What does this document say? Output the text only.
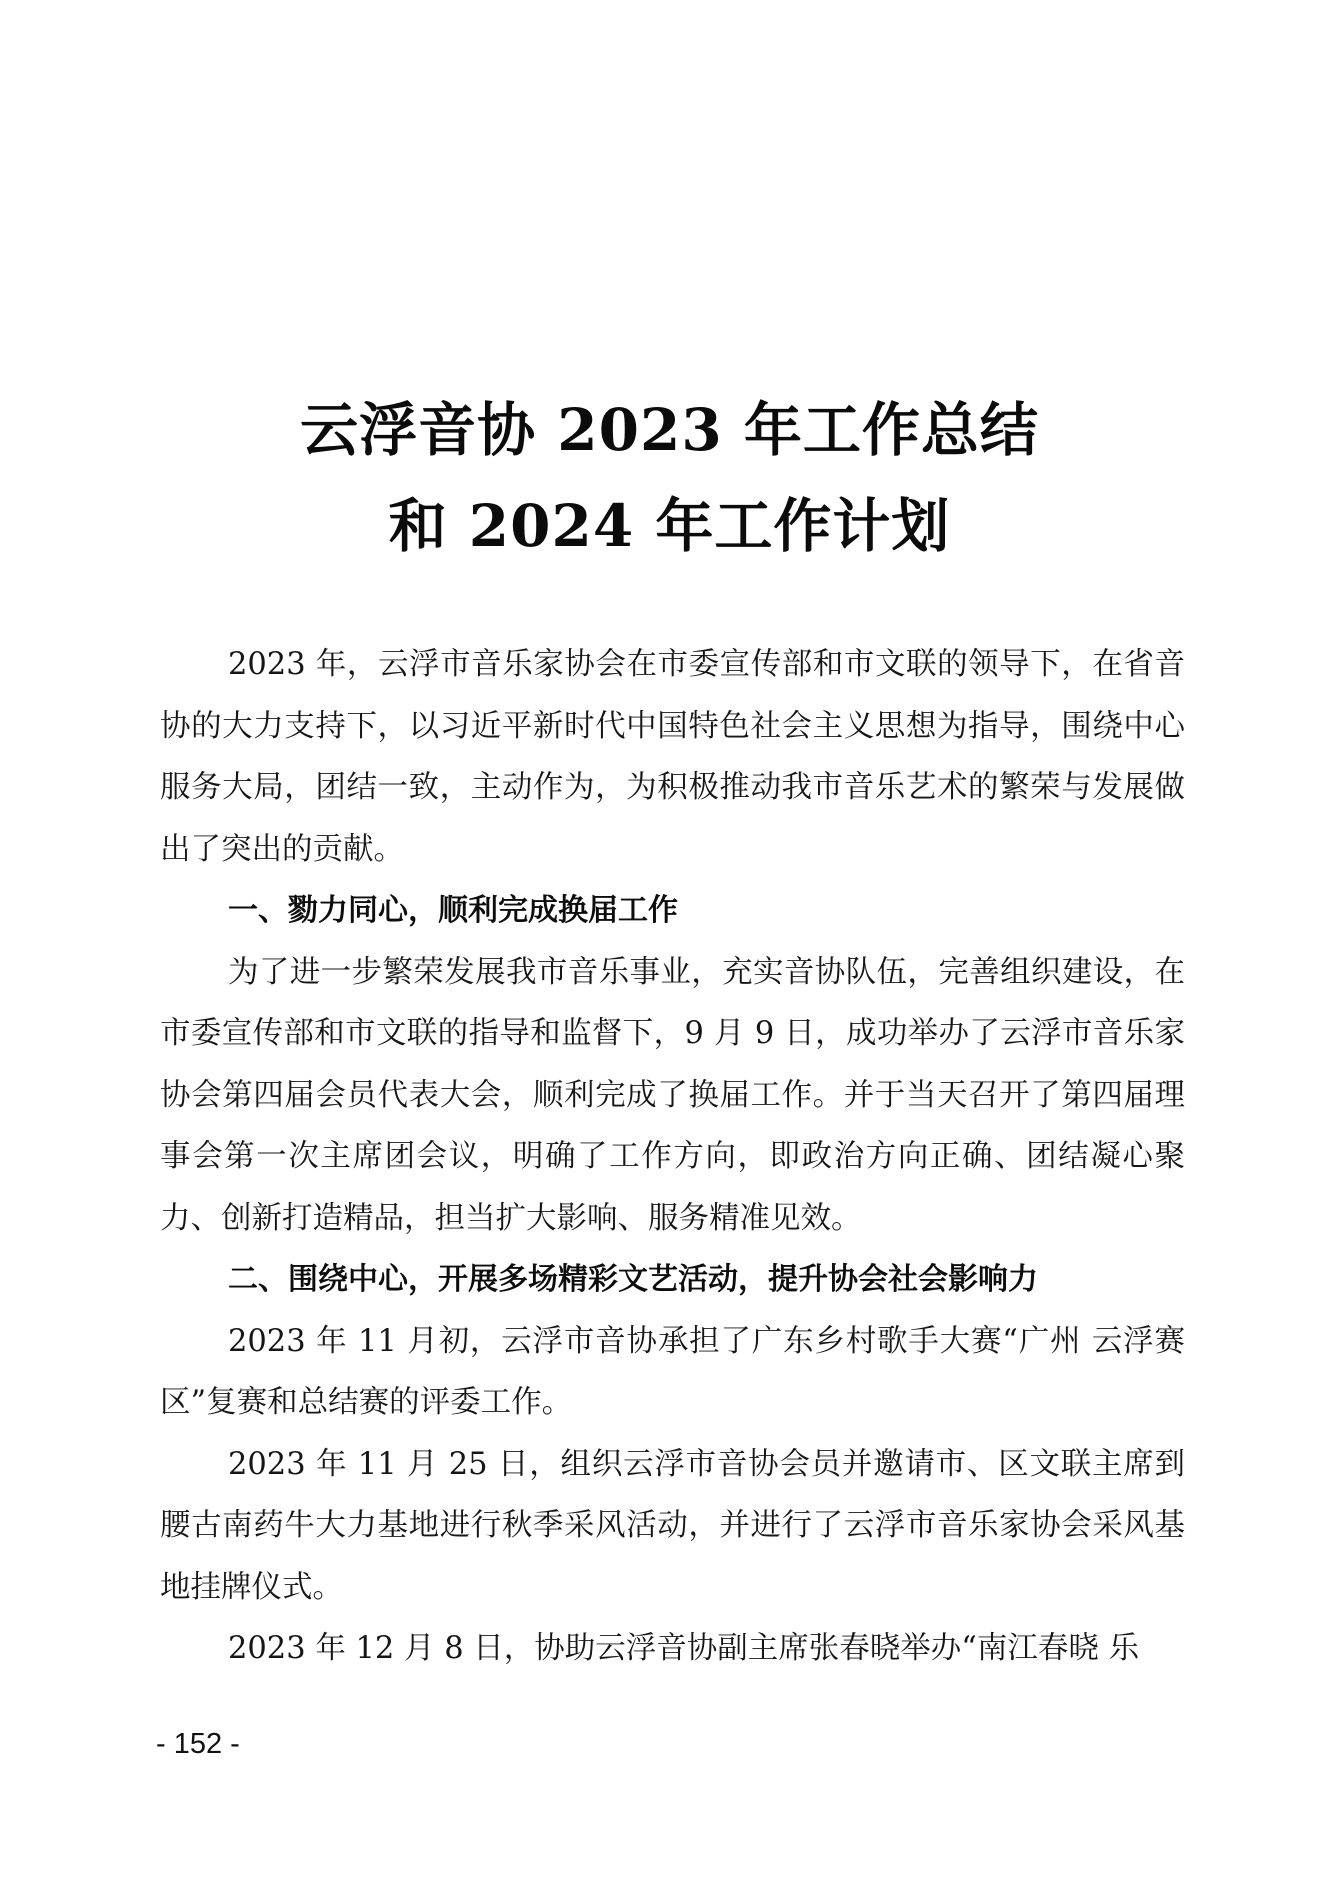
云浮音协 2023 年工作总结
和 2024 年工作计划

2023 年，云浮市音乐家协会在市委宣传部和市文联的领导下，在省音协的大力支持下，以习近平新时代中国特色社会主义思想为指导，围绕中心服务大局，团结一致，主动作为，为积极推动我市音乐艺术的繁荣与发展做出了突出的贡献。

一、勠力同心，顺利完成换届工作

为了进一步繁荣发展我市音乐事业，充实音协队伍，完善组织建设，在市委宣传部和市文联的指导和监督下，9 月 9 日，成功举办了云浮市音乐家协会第四届会员代表大会，顺利完成了换届工作。并于当天召开了第四届理事会第一次主席团会议，明确了工作方向，即政治方向正确、团结凝心聚力、创新打造精品，担当扩大影响、服务精准见效。

二、围绕中心，开展多场精彩文艺活动，提升协会社会影响力

2023 年 11 月初，云浮市音协承担了广东乡村歌手大赛“广州 云浮赛区”复赛和总结赛的评委工作。

2023 年 11 月 25 日，组织云浮市音协会员并邀请市、区文联主席到腰古南药牛大力基地进行秋季采风活动，并进行了云浮市音乐家协会采风基地挂牌仪式。

2023 年 12 月 8 日，协助云浮音协副主席张春晓举办“南江春晓 乐

- 152 -
